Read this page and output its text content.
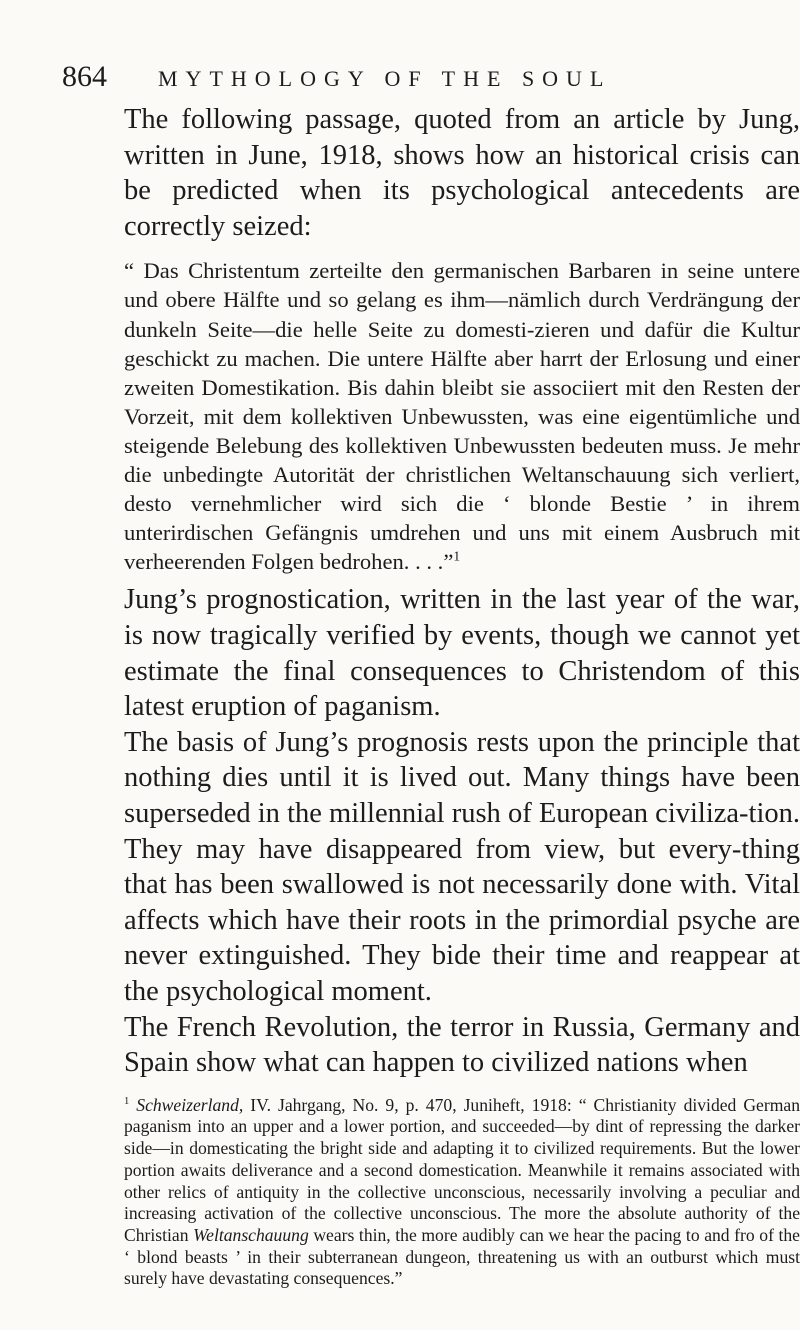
864	MYTHOLOGY OF THE SOUL

The following passage, quoted from an article by Jung, written in June, 1918, shows how an historical crisis can be predicted when its psychological antecedents are correctly seized:

“ Das Christentum zerteilte den germanischen Barbaren in seine untere und obere Hälfte und so gelang es ihm—nämlich durch Verdrängung der dunkeln Seite—die helle Seite zu domesti-zieren und dafür die Kultur geschickt zu machen. Die untere Hälfte aber harrt der Erlosung und einer zweiten Domestikation. Bis dahin bleibt sie associiert mit den Resten der Vorzeit, mit dem kollektiven Unbewussten, was eine eigentümliche und steigende Belebung des kollektiven Unbewussten bedeuten muss. Je mehr die unbedingte Autorität der christlichen Weltanschauung sich verliert, desto vernehmlicher wird sich die ‘ blonde Bestie ’ in ihrem unterirdischen Gefängnis umdrehen und uns mit einem Ausbruch mit verheerenden Folgen bedrohen. . . .”$^1$

Jung’s prognostication, written in the last year of the war, is now tragically verified by events, though we cannot yet estimate the final consequences to Christendom of this latest eruption of paganism.

The basis of Jung’s prognosis rests upon the principle that nothing dies until it is lived out. Many things have been superseded in the millennial rush of European civiliza-tion. They may have disappeared from view, but every-thing that has been swallowed is not necessarily done with. Vital affects which have their roots in the primordial psyche are never extinguished. They bide their time and reappear at the psychological moment.

The French Revolution, the terror in Russia, Germany and Spain show what can happen to civilized nations when

$^1$ Schweizerland, IV. Jahrgang, No. 9, p. 470, Juniheft, 1918: “ Christianity divided German paganism into an upper and a lower portion, and succeeded—by dint of repressing the darker side—in domesticating the bright side and adapting it to civilized requirements. But the lower portion awaits deliverance and a second domestication. Meanwhile it remains associated with other relics of antiquity in the collective unconscious, necessarily involving a peculiar and increasing activation of the collective unconscious. The more the absolute authority of the Christian Weltanschauung wears thin, the more audibly can we hear the pacing to and fro of the ‘ blond beasts ’ in their subterranean dungeon, threatening us with an outburst which must surely have devastating consequences.”
